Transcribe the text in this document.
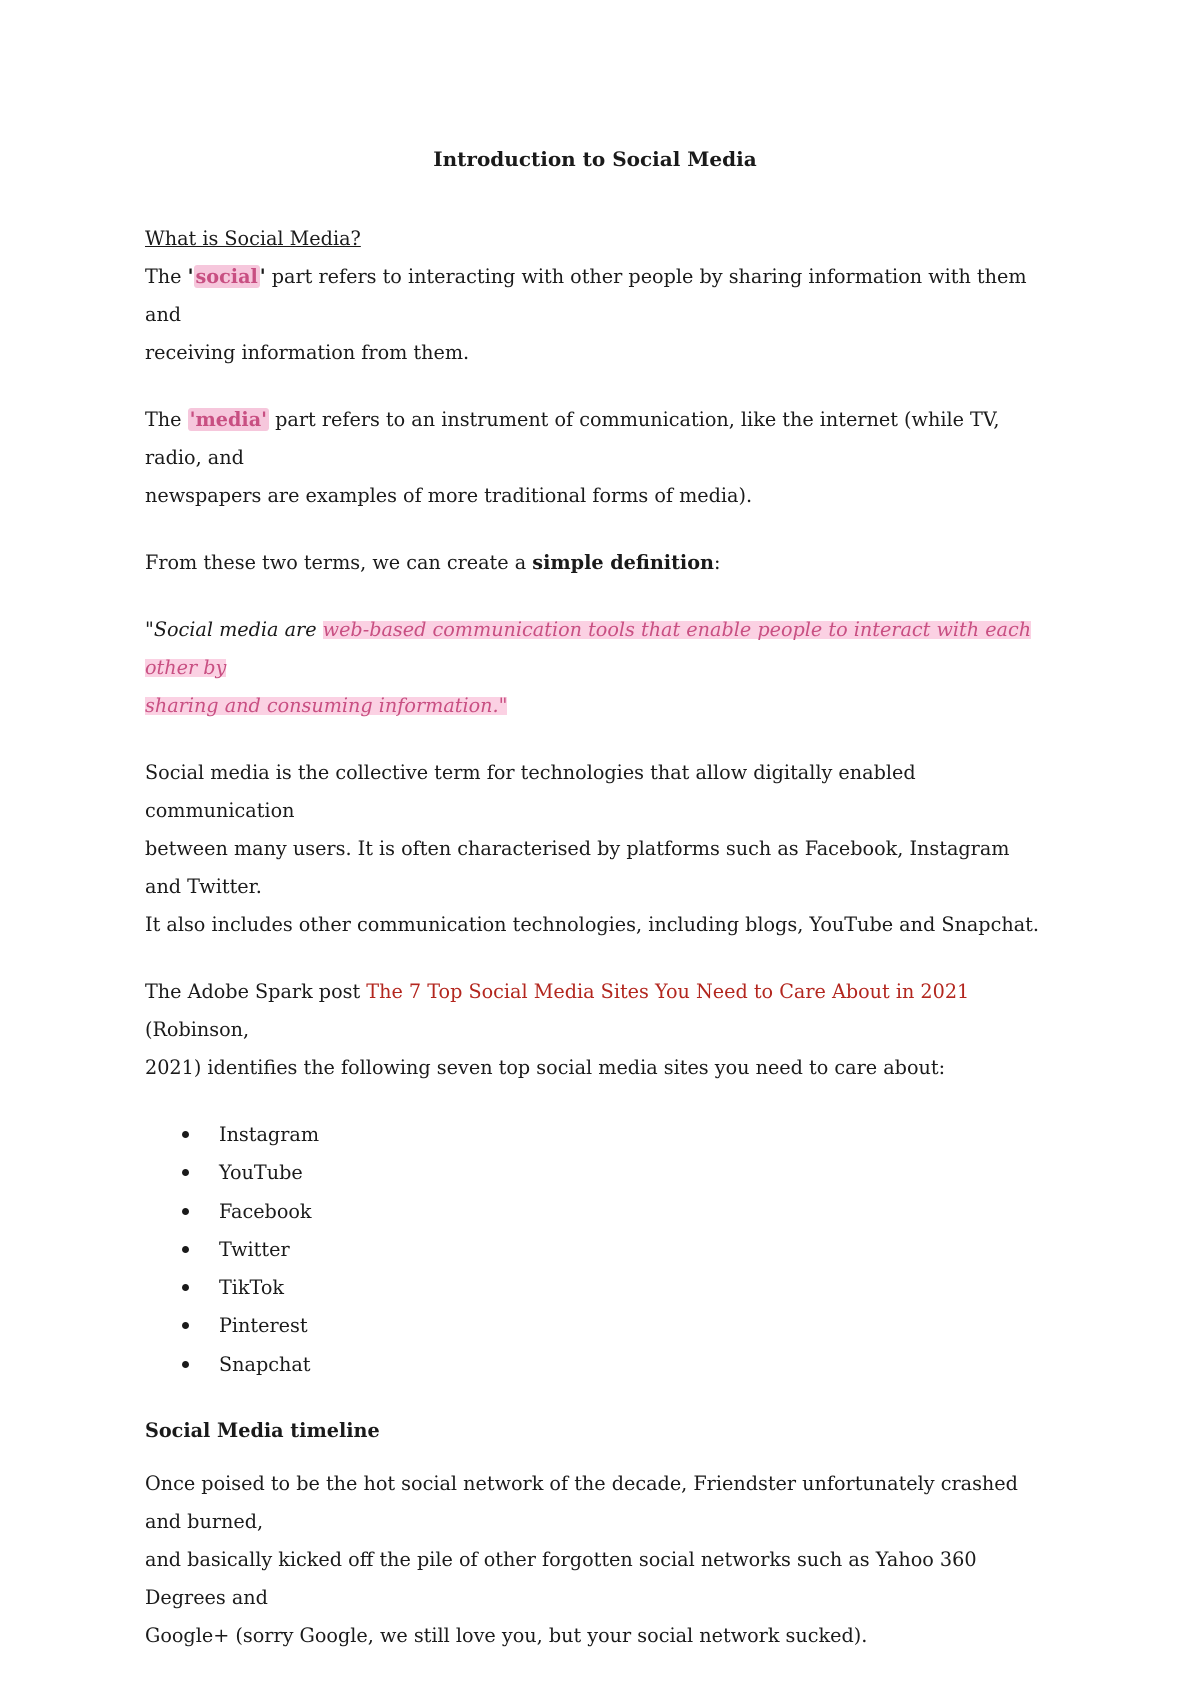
Introduction to Social Media

What is Social Media?

The ' social ' part refers to interacting with other people by sharing information with them and
receiving information from them.

The 'media' part refers to an instrument of communication, like the internet (while TV, radio, and
newspapers are examples of more traditional forms of media).

From these two terms, we can create a simple definition:

"Social media are web-based communication tools that enable people to interact with each other by
sharing and consuming information."

Social media is the collective term for technologies that allow digitally enabled communication
between many users. It is often characterised by platforms such as Facebook, Instagram and Twitter.
It also includes other communication technologies, including blogs, YouTube and Snapchat.

The Adobe Spark post The 7 Top Social Media Sites You Need to Care About in 2021 (Robinson,
2021) identifies the following seven top social media sites you need to care about:

Instagram
YouTube
Facebook
Twitter
TikTok
Pinterest
Snapchat

Social Media timeline

Once poised to be the hot social network of the decade, Friendster unfortunately crashed and burned,
and basically kicked off the pile of other forgotten social networks such as Yahoo 360 Degrees and
Google+ (sorry Google, we still love you, but your social network sucked).
